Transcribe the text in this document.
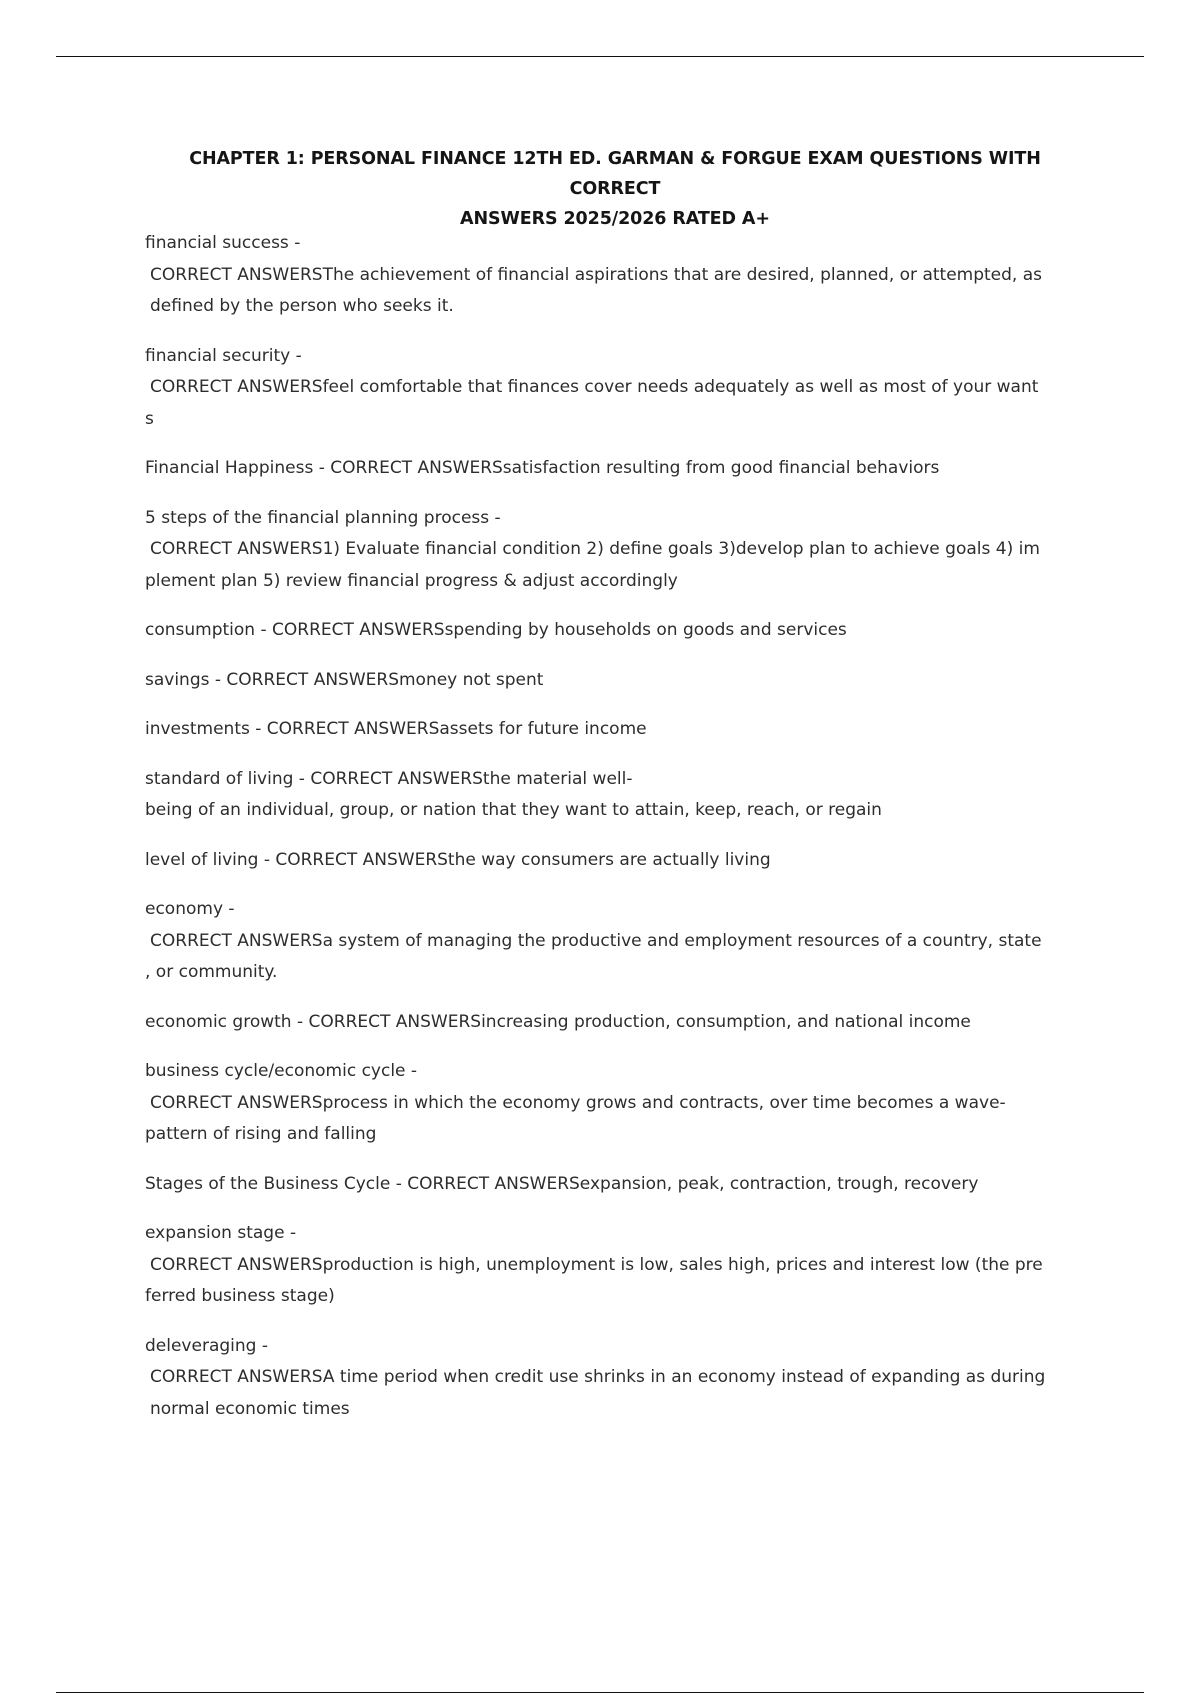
CHAPTER 1: PERSONAL FINANCE 12TH ED. GARMAN & FORGUE EXAM QUESTIONS WITH CORRECT
ANSWERS 2025/2026 RATED A+
financial success -
CORRECT ANSWERSThe achievement of financial aspirations that are desired, planned, or attempted, as
defined by the person who seeks it.
financial security -
CORRECT ANSWERSfeel comfortable that finances cover needs adequately as well as most of your want
s
Financial Happiness - CORRECT ANSWERSsatisfaction resulting from good financial behaviors
5 steps of the financial planning process -
CORRECT ANSWERS1) Evaluate financial condition 2) define goals 3)develop plan to achieve goals 4) im
plement plan 5) review financial progress & adjust accordingly
consumption - CORRECT ANSWERSspending by households on goods and services
savings - CORRECT ANSWERSmoney not spent
investments - CORRECT ANSWERSassets for future income
standard of living - CORRECT ANSWERSthe material well-
being of an individual, group, or nation that they want to attain, keep, reach, or regain
level of living - CORRECT ANSWERSthe way consumers are actually living
economy -
CORRECT ANSWERSa system of managing the productive and employment resources of a country, state
, or community.
economic growth - CORRECT ANSWERSincreasing production, consumption, and national income
business cycle/economic cycle -
CORRECT ANSWERSprocess in which the economy grows and contracts, over time becomes a wave-
pattern of rising and falling
Stages of the Business Cycle - CORRECT ANSWERSexpansion, peak, contraction, trough, recovery
expansion stage -
CORRECT ANSWERSproduction is high, unemployment is low, sales high, prices and interest low (the pre
ferred business stage)
deleveraging -
CORRECT ANSWERSA time period when credit use shrinks in an economy instead of expanding as during
normal economic times
